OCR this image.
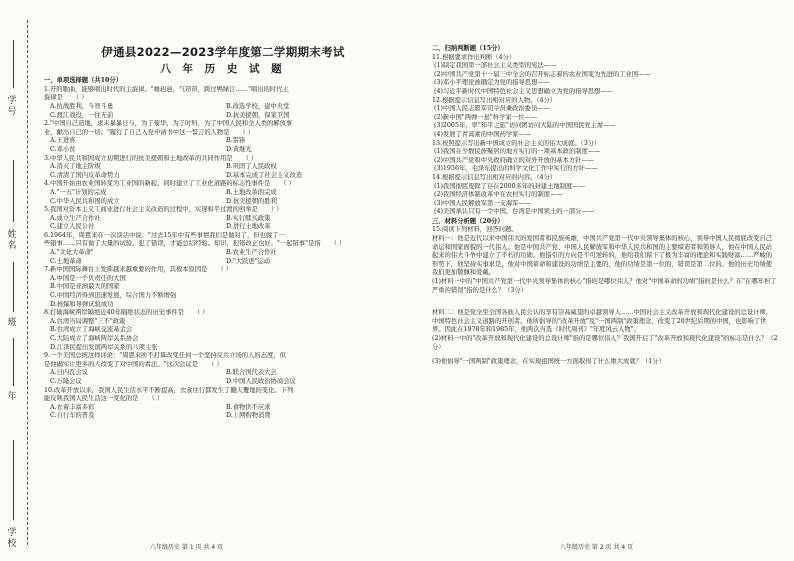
学号
姓名
班
年
学校
伊通县2022—2023学年度第二学期期末考试
八 年 历 史 试 题
一、单项选择题（共10分）
1.开的歌曲，能够唱出时代的主旋律。"雄赳赳，气昂昂，跨过鸭绿江……"唱出的时代主
旋律是 （ ）
A.抗战胜利，斗智斗勇	B.改选学校，建中央堂
C.渡江战役，一往无前	D.抗美援朝，保家卫国
2."中国自己造地，求未暴暴日与，为了菊华，为了时科，为了中国人民和全人类的解放事
业，献出自己的一切。"履行了自己入党申请书中这一誓言的人物是 （ ）
A.王进喜	B.雷锋
C.邓小贫	D.黄继光
3.中华人民共和国成立初期进行的抗美援朝和土地改革的共同作用是 （ ）
A.消灭了地主阶级	B.巩固了人民政权
C.清清了国内反革命势力	D.基本完成了社会主义改造
4.中国开始由农业国转变为工业国的新起，同时建立了工业化道路的标志性事件是 （ ）
A."一五"计划的完成	B.土地改革的完成
C.中华人民共和国的成立	D.抗美援朝的胜利
5.我国对资本主义工商业进行社会主义改造的过程中，实现和平过渡的创举是 （ ）
A.成立生产合作社	B.实行赎买政策
C.建立人民公社	D.进行土地改革
6.1964年，周恩来在一次谈话中说："过去15年中有些事情我们是做对了，但也做了一
些错事……只有做了大量的试验，犯了错误，才能总结经验。知识，犯错改正也好。"一起错事"是指 （ ）
A."文化大革命"	B.农业生产合作社
C.土地革命	D."大跃进"运动
7.新中国国际舞台上发挥越来越重要的作用，其根本原因是 （ ）
A.中国是一个负责任的大国
B.中国是亚洲最大的国家
C.中国经济得到迅速发展，综合国力不断增强
D.核爆和导弹试验成功
8.打破海峡两岸隔绝近40年隔绝状态的历史事件是 （ ）
A.台湾当局调整"三不"政策
B.台湾成立了海峡交流基金会
C.大陆成立了海峡两岸关系协会
D.江泽民提出发展两岸关系的八项主张
9.一个美国总统这样评论："周恩来所不打算改变任何一个坚持反共立场的人的态度，但
是他确实让更多的人改变了对中国的看法。"这次会议是 （ ）
A.日内瓦会议	B.联合国代表大会
C.万隆会议	D.中国人民政治协商会议
10.改革开放以来，我国人民生活水平不断提高，衣食住行都发生了翻天覆地的变化。下列
能反映我国人民生活这一变化的是 （ ）
A.衣着丰富多彩	B.食物供不应求
C.自行车的普及	D.上网购物消费
二、归纳判断题（15分）
11.根据要求作出判断（4分）
(1)制定我国第一部社会主义类型的宪法——
(2)中国共产党第十一届三中全会的召开标志着的农业国变为先进的工业国——
(3)邓小平理论被确定为党的指导思想——
(4)习近平新时代中国特色社会主义思想确立为党的指导思想——
12.根据提示信息写出相对应的人物。（4分）
(1)中国人民志愿军司令员兼政治委员——
(2)新中国"两弹一星"科学家一位——
(3)2005年，率"和平之旅"访问团访问大陆的中国国民党主席——
(4)发展了青蒿素的中国药学家——
13.按照提示写出新中国成立的社会主义的伟大成就。（3分）
(1)我国在少数民族聚居的地方实行的一项基本政治制度——
(2)中国共产党和中央政府确立的对外开放的基本方针——
(3)1956年，毛泽东提出的科学文化工作中实行的方针——
14.根据提示信息写出相对应的内容。（4分）
(1)我国彻底废除了存在2000多年的封建土地制度——
(2)我国经济体制改革中在农村实行的制度——
(3)中国人民解放军第一支海军——
(4)美国承认只有一个中国，台湾是中国领土的一部分——
三、材料分析题（20分）
15.阅读下列材料，回答问题。
材料一：他是近代以来中国伟大的爱国者和民族英雄，中国共产党第一代中央领导集体的核心，领导中国人民彻底改变自己命运和国家面貌的一代伟人。他是中国共产党、中国人民解放军和中华人民共和国的主要缔造者和领导人，他在中国人民站起来的伟大斗争中建立了不朽的功勋。他指引的方向是不可逆转的，他给我们留下了极为丰富的理论和实践财富……严峻的形势下，他坚持实事求是，他对中国革命和建设的功绩是主要的，他的功绩是第一位的，错误是第二位的。他的历史功绩使我们更加敬佩和爱戴。
(1)材料一中的"中国共产党第一代中央领导集体的核心"指的是哪位伟人？他对"中国革命的功绩"指的是什么？在"在哪年担了严重的错误"指的是什么？（3分）
材料二：他是党全至全国各族人民公认的享有崇高威望的卓越领导人……中国社会主义改革开放和现代化建设的总设计师，中国特色社会主义道路的开创者。他所倡导的"改革开放"及"一国两制"政策理念，改变了20世纪后期的中国，也影响了世界。因此在1978年和1985年，他两次当选《时代周刊》"年度风云人物"。
(2)材料一中的"改革开放和现代化建设的总设计师"指的是哪位伟人？我国开启了"改革开放和现代化建设"的标志是什么？（2分）
(3)他倡导"一国两制"政策理念，在实现祖国统一方面取得了什么重大成就？（1分）
八年级历史 第 1 页 共 4 页	八年级历史 第 2 页 共 4 页
